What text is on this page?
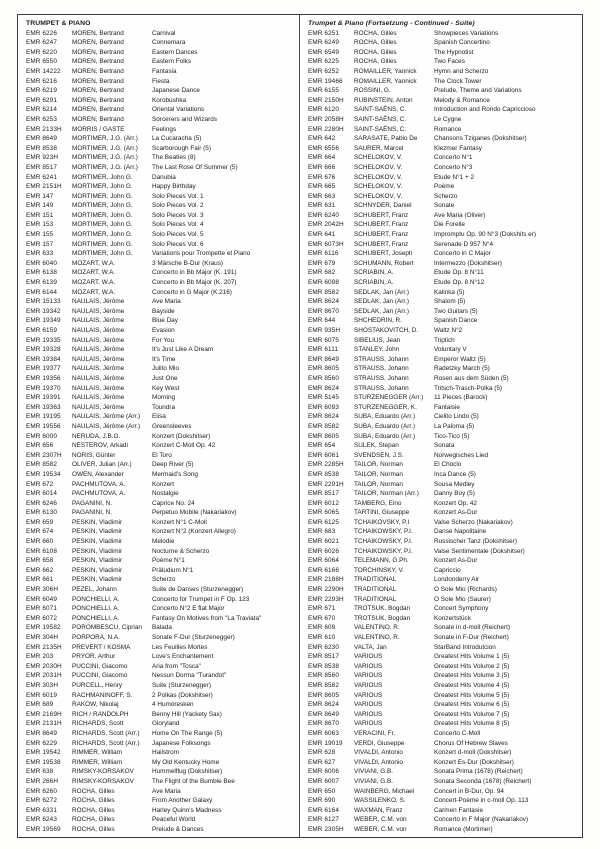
TRUMPET & PIANO
EMR 6226	MOREN, Bertrand	Carnival
EMR 6247	MOREN, Bertrand	Connemara
EMR 6220	MOREN, Bertrand	Eastern Dances
EMR 6550	MOREN, Bertrand	Eastern Folks
EMR 14222	MOREN, Bertrand	Fantasia
EMR 6216	MOREN, Bertrand	Fiesta
EMR 6219	MOREN, Bertrand	Japanese Dance
EMR 6291	MOREN, Bertrand	Korobushka
EMR 6214	MOREN, Bertrand	Oriental Variations
EMR 6253	MOREN, Bertrand	Sorcerers and Wizards
EMR 2133H	MORRIS / GASTE	Feelings
EMR 8649	MORTIMER, J.G. (Arr.)	La Cucaracha (5)
EMR 8538	MORTIMER, J.G. (Arr.)	Scarborough Fair (5)
EMR 923H	MORTIMER, J.G. (Arr.)	The Beatles (8)
EMR 8517	MORTIMER, J.G. (Arr.)	The Last Rose Of Summer (5)
EMR 6241	MORTIMER, John G.	Danubia
EMR 2151H	MORTIMER, John G.	Happy Birthday
EMR 147	MORTIMER, John G.	Solo Pieces Vol. 1
EMR 149	MORTIMER, John G.	Solo Pieces Vol. 2
EMR 151	MORTIMER, John G.	Solo Pieces Vol. 3
EMR 153	MORTIMER, John G.	Solo Pieces Vol. 4
EMR 155	MORTIMER, John G.	Solo Pieces Vol. 5
EMR 157	MORTIMER, John G.	Solo Pieces Vol. 6
EMR 633	MORTIMER, John G.	Variations pour Trompette et Piano
EMR 6040	MOZART, W.A.	3 Märsche B-Dur (Kraus)
EMR 6138	MOZART, W.A.	Concerto in Bb Major (K. 191)
EMR 6139	MOZART, W.A.	Concerto in Bb Major (K. 207)
EMR 6144	MOZART, W.A.	Concerto in G Major (K.216)
EMR 15133	NAULAIS, Jérôme	Ave Maria
EMR 19342	NAULAIS, Jérôme	Bayside
EMR 19349	NAULAIS, Jérôme	Blue Day
EMR 6159	NAULAIS, Jérôme	Evasion
EMR 19335	NAULAIS, Jérôme	For You
EMR 19328	NAULAIS, Jérôme	It's Just Like A Dream
EMR 19384	NAULAIS, Jérôme	It's Time
EMR 19377	NAULAIS, Jérôme	Julito Mio
EMR 19356	NAULAIS, Jérôme	Just One
EMR 19370	NAULAIS, Jérôme	Key West
EMR 19391	NAULAIS, Jérôme	Morning
EMR 19363	NAULAIS, Jérôme	Toundra
EMR 19195	NAULAIS, Jérôme (Arr.)	Elisa
EMR 19556	NAULAIS, Jérôme (Arr.)	Greensleeves
EMR 6000	NERUDA, J.B.G.	Konzert (Dokshitser)
EMR 656	NESTEROV, Arkadi	Konzert C-Moll Op. 42
EMR 2307H	NORIS, Günter	El Toro
EMR 8582	OLIVER, Julian (Arr.)	Deep River (5)
EMR 19534	OWEN, Alexander	Mermaid's Song
EMR 672	PACHMUTOVA, A.	Konzert
EMR 6014	PACHMUTOVA, A.	Nostalgie
EMR 6246	PAGANINI, N.	Caprice No. 24
EMR 6130	PAGANINI, N.	Perpetuo Mobile (Nakariakov)
EMR 659	PESKIN, Vladimir	Konzert N°1 C-Moll
EMR 674	PESKIN, Vladimir	Konzert N°2 (Konzert Allegro)
EMR 660	PESKIN, Vladimir	Melodie
EMR 6108	PESKIN, Vladimir	Nocturne & Scherzo
EMR 658	PESKIN, Vladimir	Poème N°1
EMR 662	PESKIN, Vladimir	Präludium N°1
EMR 661	PESKIN, Vladimir	Scherzo
EMR 306H	PEZEL, Johann	Suite de Danses (Sturzenegger)
EMR 6049	PONCHIELLI, A.	Concerto for Trumpet in F Op. 123
EMR 6071	PONCHIELLI, A.	Concerto N°2 E flat Major
EMR 6072	PONCHIELLI, A.	Fantasy On Motives from "La Traviata"
EMR 19582	POROMBESCU, Ciprian	Balada
EMR 304H	PORPORA, N.A.	Sonate F-Dur (Sturzenegger)
EMR 2135H	PREVERT / KOSMA	Les Feuilles Mortes
EMR 203	PRYOR, Arthur	Love's Enchantement
EMR 2030H	PUCCINI, Giacomo	Aria from "Tosca"
EMR 2031H	PUCCINI, Giacomo	Nessun Dorma "Turandot"
EMR 303H	PURCELL, Henry	Suite (Sturzenegger)
EMR 6019	RACHMANINOFF, S.	2 Polkas (Dokshitser)
EMR 689	RAKOW, Nikolaj	4 Humoresken
EMR 2169H	RICH / RANDOLPH	Benny Hill (Yackety Sax)
EMR 2131H	RICHARDS, Scott	Gloryland
EMR 8649	RICHARDS, Scott (Arr.)	Home On The Range (5)
EMR 6229	RICHARDS, Scott (Arr.)	Japanese Folksongs
EMR 19542	RIMMER, William	Hailstrom
EMR 19538	RIMMER, William	My Old Kentucky Home
EMR 638	RIMSKY-KORSAKOV	Hummelflug (Dokshitser)
EMR 266H	RIMSKY-KORSAKOV	The Flight of the Bumble Bee
EMR 6260	ROCHA, Gilles	Ave Maria
EMR 6272	ROCHA, Gilles	From Another Galaxy
EMR 6331	ROCHA, Gilles	Harley Quinn's Madness
EMR 6243	ROCHA, Gilles	Peaceful World
EMR 19569	ROCHA, Gilles	Prelude & Dances
Trumpet & Piano (Fortsetzung - Continued - Suite)
EMR 6251	ROCHA, Gilles	Showpieces Variations
EMR 6249	ROCHA, Gilles	Spanish Concertino
EMR 6549	ROCHA, Gilles	The Hypnotist
EMR 6225	ROCHA, Gilles	Two Faces
EMR 6252	ROMAILLER, Yannick	Hymn and Scherzo
EMR 19466	ROMAILLER, Yannick	The Clock Tower
EMR 6155	ROSSINI, G.	Prelude, Theme and Variations
EMR 2150H	RUBINSTEIN, Anton	Melody & Romance
EMR 6120	SAINT-SAËNS, C.	Introduction and Rondo Capriccioso
EMR 2058H	SAINT-SAËNS, C.	Le Cygne
EMR 2280H	SAINT-SAËNS, C.	Romance
EMR 642	SARASATE, Pablo De	Chansons Tziganes (Dokshitser)
EMR 6556	SAURER, Marcel	Klezmer Fantasy
EMR 664	SCHELOKOV, V.	Concerto N°1
EMR 666	SCHELOKOV, V.	Concerto N°3
EMR 676	SCHELOKOV, V.	Etude N°1 + 2
EMR 665	SCHELOKOV, V.	Poème
EMR 663	SCHELOKOV, V.	Scherzo
EMR 631	SCHNYDER, Daniel	Sonate
EMR 6240	SCHUBERT, Franz	Ave Maria (Oliver)
EMR 2042H	SCHUBERT, Franz	Die Forelle
EMR 641	SCHUBERT, Franz	Impromptu Op. 90 N°3 (Dokshits er)
EMR 6073H	SCHUBERT, Franz	Serenade D 957 N°4
EMR 6116	SCHUBERT, Joseph	Concerto in C Major
EMR 679	SCHUMANN, Robert	Intermezzo (Dokshitser)
EMR 682	SCRIABIN, A.	Etude Op. 8 N°11
EMR 6098	SCRIABIN, A.	Etude Op. 8 N°12
EMR 8582	SEDLAK, Jan (Arr.)	Kalinka (5)
EMR 8624	SEDLAK, Jan (Arr.)	Shalom (5)
EMR 8670	SEDLAK, Jan (Arr.)	Two Guitars (5)
EMR 644	SHCHEDRIN, R.	Spanish Dance
EMR 935H	SHOSTAKOVITCH, D.	Waltz N°2
EMR 6075	SIBELIUS, Jean	Triptich
EMR 6111	STANLEY, John	Voluntary V
EMR 8649	STRAUSS, Johann	Emperor Waltz (5)
EMR 8605	STRAUSS, Johann	Radetzky March (5)
EMR 8560	STRAUSS, Johann	Rosen aus dem Süden (5)
EMR 8624	STRAUSS, Johann	Tritsch-Trasch-Polka (5)
EMR 5145	STURZENEGGER (Arr.)	11 Pieces (Barock)
EMR 6093	STURZENEGGER, K.	Fantaisie
EMR 8624	SUBA, Eduardo (Arr.)	Cielito Lindo (5)
EMR 8582	SUBA, Eduardo (Arr.)	La Paloma (5)
EMR 8605	SUBA, Eduardo (Arr.)	Tico-Tico (5)
EMR 654	SULEK, Stepan	Sonata
EMR 6061	SVENDSEN, J.S.	Norwegisches Lied
EMR 2285H	TAILOR, Norman	El Choclo
EMR 8538	TAILOR, Norman	Inca Dance (5)
EMR 2291H	TAILOR, Norman	Sousa Medley
EMR 8517	TAILOR, Norman (Arr.)	Danny Boy (5)
EMR 6012	TAMBERG, Eino	Konzert Op. 42
EMR 6065	TARTINI, Giuseppe	Konzert As-Dur
EMR 6125	TCHAIKOVSKY, P.I	Valse Scherzo (Nakariakov)
EMR 683	TCHAIKOWSKY, P.I.	Danse Napolitaine
EMR 6021	TCHAIKOWSKY, P.I.	Russischer Tanz (Dokshitser)
EMR 6026	TCHAIKOWSKY, P.I.	Valse Sentimentale (Dokshitser)
EMR 6064	TELEMANN, G.Ph.	Konzert As-Dur
EMR 6166	TORCHINSKY, V.	Capriccio
EMR 2188H	TRADITIONAL	Londonderry Air
EMR 2290H	TRADITIONAL	O Sole Mio (Richards)
EMR 2293H	TRADITIONAL	O Sole Mio (Saurer)
EMR 671	TROTSUK, Bogdan	Concert Symphony
EMR 670	TROTSUK, Bogdan	Konzertstück
EMR 609	VALENTINO, R.	Sonate in d-moll (Reichert)
EMR 610	VALENTINO, R.	Sonate in F-Dur (Reichert)
EMR 6230	VALTA, Jan	StarBand Introdutcion
EMR 8517	VARIOUS	Greatest Hits Volume 1 (5)
EMR 8538	VARIOUS	Greatest Hits Volume 2 (5)
EMR 8560	VARIOUS	Greatest Hits Volume 3 (5)
EMR 8582	VARIOUS	Greatest Hits Volume 4 (5)
EMR 8605	VARIOUS	Greatest Hits Volume 5 (5)
EMR 8624	VARIOUS	Greatest Hits Volume 6 (5)
EMR 8649	VARIOUS	Greatest Hits Volume 7 (5)
EMR 8670	VARIOUS	Greatest Hits Volume 8 (5)
EMR 6063	VERACINI, Fr.	Concerto C-Moll
EMR 19019	VERDI, Giuseppe	Chorus Of Hebrew Slaves
EMR 628	VIVALDI, Antonio	Konzert d-moll (Dokshitser)
EMR 627	VIVALDI, Antonio	Konzert Es-Dur (Dokshitser)
EMR 6006	VIVIANI, G.B.	Sonata Prima (1678) (Reichert)
EMR 6007	VIVIANI, G.B.	Sonata Seconda (1678) (Reichert)
EMR 650	WAINBERG, Michael	Concert in B-Dur, Op. 94
EMR 690	WASSILENKO, S.	Concert-Poème in c-moll Op. 113
EMR 6164	WAXMAN, Franz	Carmen Fantasie
EMR 6127	WEBER, C.M. von	Concerto in F Major (Nakariakov)
EMR 2305H	WEBER, C.M. von	Romance (Mortimer)
